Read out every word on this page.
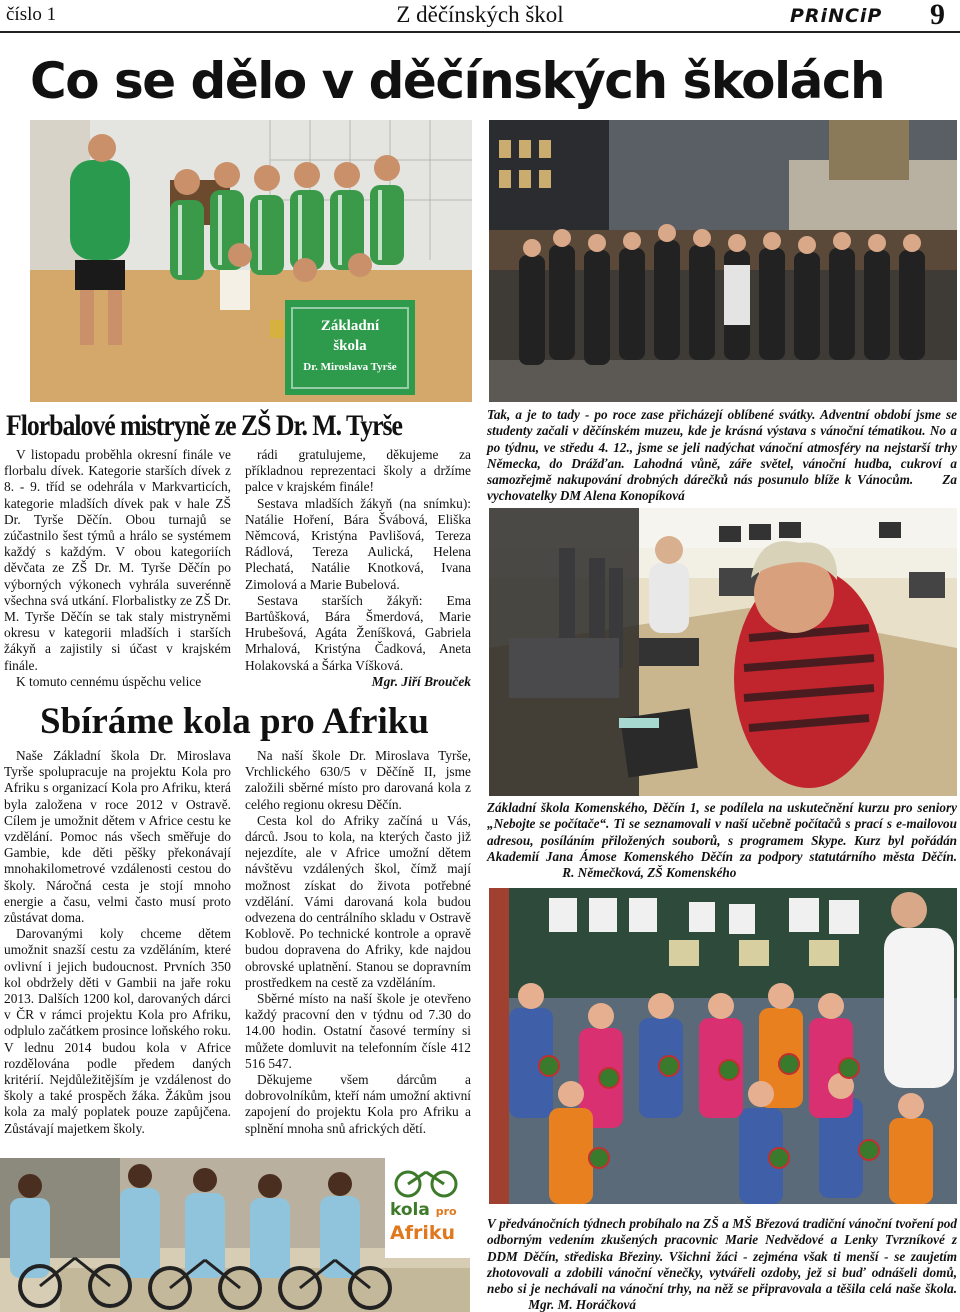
číslo 1	Z děčínských škol	PRiNCiP 9
Co se dělo v děčínských školách
Základní
škola
Dr. Miroslava Tyrše
Florbalové mistryně ze ZŠ Dr. M. Tyrše

V listopadu proběhla okresní finále ve florbalu dívek. Kategorie starších dívek z 8. - 9. tříd se odehrála v Markvarticích, kategorie mladších dívek pak v hale ZŠ Dr. Tyrše Děčín. Obou turnajů se zúčastnilo šest týmů a hrálo se systémem každý s každým. V obou kategoriích děvčata ze ZŠ Dr. M. Tyrše Děčín po výborných výkonech vyhrála suverénně všechna svá utkání. Florbalistky ze ZŠ Dr. M. Tyrše Děčín se tak staly mistryněmi okresu v kategorii mladších i starších žákyň a zajistily si účast v krajském finále.

K tomuto cennému úspěchu velice

rádi gratulujeme, děkujeme za příkladnou reprezentaci školy a držíme palce v krajském finále!

Sestava mladších žákyň (na snímku): Natálie Hoření, Bára Švábová, Eliška Němcová, Kristýna Pavlišová, Tereza Rádlová, Tereza Aulická, Helena Plechatá, Natálie Knotková, Ivana Zimolová a Marie Bubelová.

Sestava starších žákyň: Ema Bartůšková, Bára Šmerdová, Marie Hrubešová, Agáta Ženíšková, Gabriela Mrhalová, Kristýna Čadková, Aneta Holakovská a Šárka Víšková.

Mgr. Jiří Brouček
Tak, a je to tady - po roce zase přicházejí oblíbené svátky. Adventní období jsme se studenty začali v děčínském muzeu, kde je krásná výstava s vánoční tématikou. No a po týdnu, ve středu 4. 12., jsme se jeli nadýchat vánoční atmosféry na nejstarší trhy Německa, do Drážďan. Lahodná vůně, záře světel, vánoční hudba, cukroví a samozřejmě nakupování drobných dárečků nás posunulo blíže k Vánocům. Za vychovatelky DM Alena Konopíková
Základní škola Komenského, Děčín 1, se podílela na uskutečnění kurzu pro seniory „Nebojte se počítače“. Ti se seznamovali v naší učebně počítačů s prací s e-mailovou adresou, posíláním přiložených souborů, s programem Skype. Kurz byl pořádán Akademií Jana Ámose Komenského Děčín za podpory statutárního města Děčín.  R. Němečková, ZŠ Komenského
Sbíráme kola pro Afriku

Naše Základní škola Dr. Miroslava Tyrše spolupracuje na projektu Kola pro Afriku s organizací Kola pro Afriku, která byla založena v roce 2012 v Ostravě. Cílem je umožnit dětem v Africe cestu ke vzdělání. Pomoc nás všech směřuje do Gambie, kde děti pěšky překonávají mnohakilometrové vzdálenosti cestou do školy. Náročná cesta je stojí mnoho energie a času, velmi často musí proto zůstávat doma.

Darovanými koly chceme dětem umožnit snazší cestu za vzděláním, které ovlivní i jejich budoucnost. Prvních 350 kol obdržely děti v Gambii na jaře roku 2013. Dalších 1200 kol, darovaných dárci v ČR v rámci projektu Kola pro Afriku, odplulo začátkem prosince loňského roku. V lednu 2014 budou kola v Africe rozdělována podle předem daných kritérií. Nejdůležitějším je vzdálenost do školy a také prospěch žáka. Žákům jsou kola za malý poplatek pouze zapůjčena. Zůstávají majetkem školy.

Na naší škole Dr. Miroslava Tyrše, Vrchlického 630/5 v Děčíně II, jsme založili sběrné místo pro darovaná kola z celého regionu okresu Děčín.

Cesta kol do Afriky začíná u Vás, dárců. Jsou to kola, na kterých často již nejezdíte, ale v Africe umožní dětem návštěvu vzdálených škol, čímž mají možnost získat do života potřebné vzdělání. Vámi darovaná kola budou odvezena do centrálního skladu v Ostravě Koblově. Po technické kontrole a opravě budou dopravena do Afriky, kde najdou obrovské uplatnění. Stanou se dopravním prostředkem na cestě za vzděláním.

Sběrné místo na naší škole je otevřeno každý pracovní den v týdnu od 7.30 do 14.00 hodin. Ostatní časové termíny si můžete domluvit na telefonním čísle 412 516 547.

Děkujeme všem dárcům a dobrovolníkům, kteří nám umožní aktivní zapojení do projektu Kola pro Afriku a splnění mnoha snů afrických dětí.

V předvánočních týdnech probíhalo na ZŠ a MŠ Březová tradiční vánoční tvoření pod odborným vedením zkušených pracovnic Marie Nedvědové a Lenky Tvrzníkové z DDM Děčín, střediska Březiny. Všichni žáci - zejména však ti menší - se zaujetím zhotovovali a zdobili vánoční věnečky, vytvářeli ozdoby, jež si buď odnášeli domů, nebo si je nechávali na vánoční trhy, na něž se připravovala a těšila celá naše škola.  Mgr. M. Horáčková
kola pro
Afriku
